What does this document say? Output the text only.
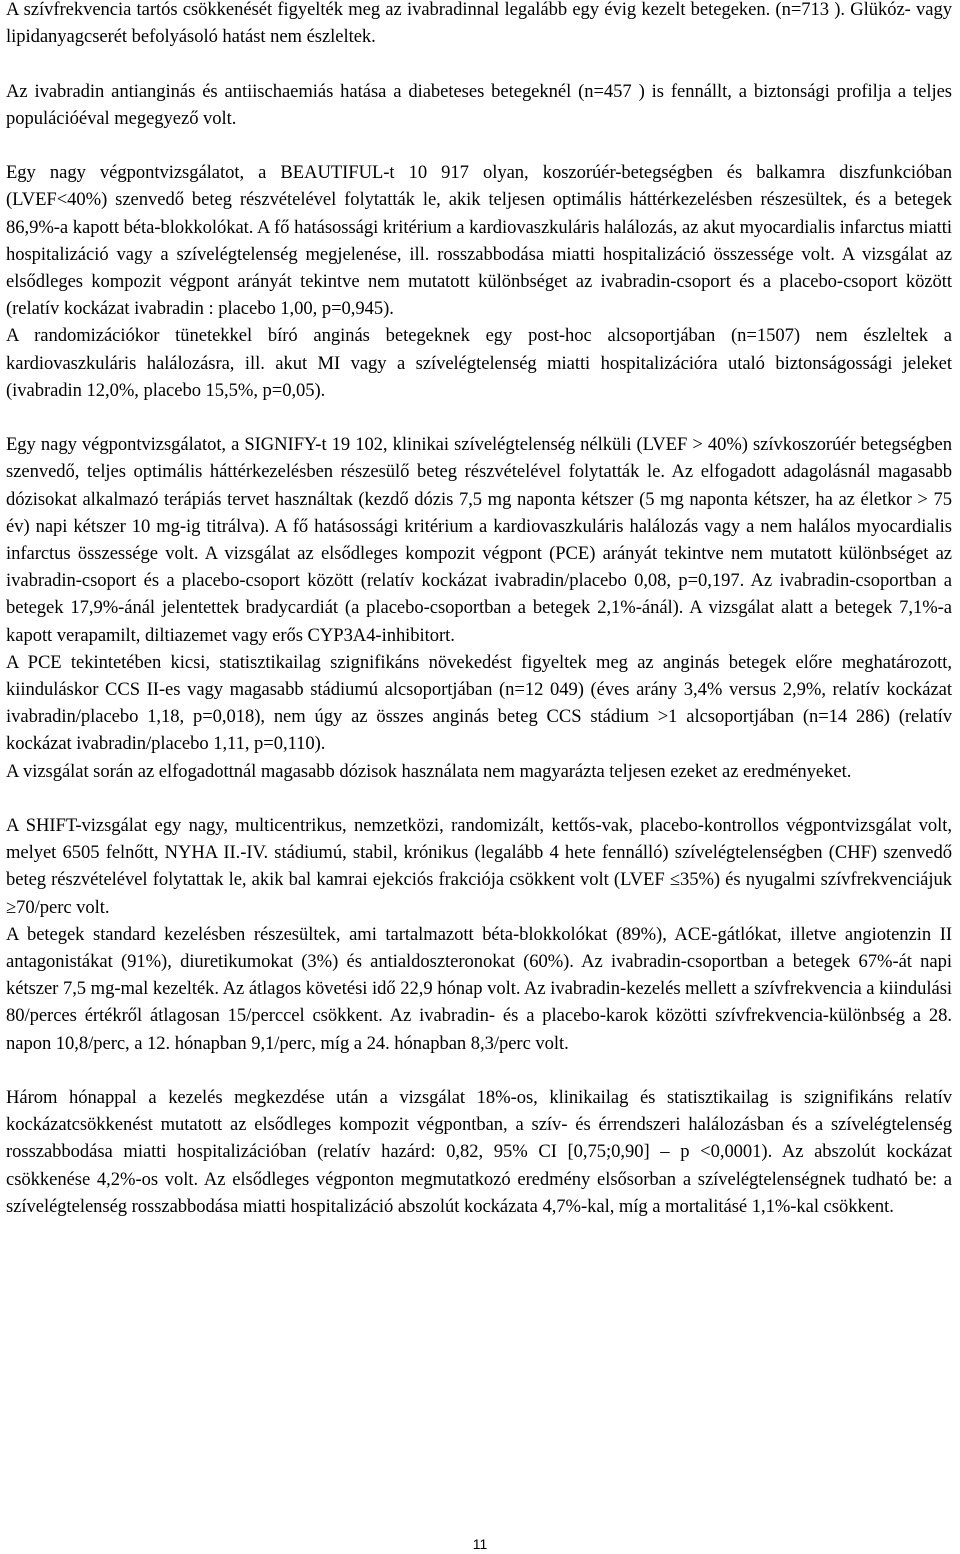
A szívfrekvencia tartós csökkenését figyelték meg az ivabradinnal legalább egy évig kezelt betegeken. (n=713 ). Glükóz- vagy lipidanyagcserét befolyásoló hatást nem észleltek.

Az ivabradin antianginás és antiischaemiás hatása a diabeteses betegeknél (n=457 ) is fennállt, a biztonsági profilja a teljes populációéval megegyező volt.

Egy nagy végpontvizsgálatot, a BEAUTIFUL-t 10 917 olyan, koszorúér-betegségben és balkamra diszfunkcióban (LVEF<40%) szenvedő beteg részvételével folytatták le, akik teljesen optimális háttérkezelésben részesültek, és a betegek 86,9%-a kapott béta-blokkolókat. A fő hatásossági kritérium a kardiovaszkuláris halálozás, az akut myocardialis infarctus miatti hospitalizáció vagy a szívelégtelenség megjelenése, ill. rosszabbodása miatti hospitalizáció összessége volt. A vizsgálat az elsődleges kompozit végpont arányát tekintve nem mutatott különbséget az ivabradin-csoport és a placebo-csoport között (relatív kockázat ivabradin : placebo 1,00, p=0,945).

A randomizációkor tünetekkel bíró anginás betegeknek egy post-hoc alcsoportjában (n=1507) nem észleltek a kardiovaszkuláris halálozásra, ill. akut MI vagy a szívelégtelenség miatti hospitalizációra utaló biztonságossági jeleket (ivabradin 12,0%, placebo 15,5%, p=0,05).

Egy nagy végpontvizsgálatot, a SIGNIFY-t 19 102, klinikai szívelégtelenség nélküli (LVEF > 40%) szívkoszorúér betegségben szenvedő, teljes optimális háttérkezelésben részesülő beteg részvételével folytatták le. Az elfogadott adagolásnál magasabb dózisokat alkalmazó terápiás tervet használtak (kezdő dózis 7,5 mg naponta kétszer (5 mg naponta kétszer, ha az életkor > 75 év) napi kétszer 10 mg-ig titrálva). A fő hatásossági kritérium a kardiovaszkuláris halálozás vagy a nem halálos myocardialis infarctus összessége volt. A vizsgálat az elsődleges kompozit végpont (PCE) arányát tekintve nem mutatott különbséget az ivabradin-csoport és a placebo-csoport között (relatív kockázat ivabradin/placebo 0,08, p=0,197. Az ivabradin-csoportban a betegek 17,9%-ánál jelentettek bradycardiát (a placebo-csoportban a betegek 2,1%-ánál). A vizsgálat alatt a betegek 7,1%-a kapott verapamilt, diltiazemet vagy erős CYP3A4-inhibitort.

A PCE tekintetében kicsi, statisztikailag szignifikáns növekedést figyeltek meg az anginás betegek előre meghatározott, kiinduláskor CCS II-es vagy magasabb stádiumú alcsoportjában (n=12 049) (éves arány 3,4% versus 2,9%, relatív kockázat ivabradin/placebo 1,18, p=0,018), nem úgy az összes anginás beteg CCS stádium >1 alcsoportjában (n=14 286) (relatív kockázat ivabradin/placebo 1,11, p=0,110).

A vizsgálat során az elfogadottnál magasabb dózisok használata nem magyarázta teljesen ezeket az eredményeket.

A SHIFT-vizsgálat egy nagy, multicentrikus, nemzetközi, randomizált, kettős-vak, placebo-kontrollos végpontvizsgálat volt, melyet 6505 felnőtt, NYHA II.-IV. stádiumú, stabil, krónikus (legalább 4 hete fennálló) szívelégtelenségben (CHF) szenvedő beteg részvételével folytattak le, akik bal kamrai ejekciós frakciója csökkent volt (LVEF ≤35%) és nyugalmi szívfrekvenciájuk ≥70/perc volt.

A betegek standard kezelésben részesültek, ami tartalmazott béta-blokkolókat (89%), ACE-gátlókat, illetve angiotenzin II antagonistákat (91%), diuretikumokat (3%) és antialdoszteronokat (60%). Az ivabradin-csoportban a betegek 67%-át napi kétszer 7,5 mg-mal kezelték. Az átlagos követési idő 22,9 hónap volt. Az ivabradin-kezelés mellett a szívfrekvencia a kiindulási 80/perces értékről átlagosan 15/perccel csökkent. Az ivabradin- és a placebo-karok közötti szívfrekvencia-különbség a 28. napon 10,8/perc, a 12. hónapban 9,1/perc, míg a 24. hónapban 8,3/perc volt.

Három hónappal a kezelés megkezdése után a vizsgálat 18%-os, klinikailag és statisztikailag is szignifikáns relatív kockázatcsökkenést mutatott az elsődleges kompozit végpontban, a szív- és érrendszeri halálozásban és a szívelégtelenség rosszabbodása miatti hospitalizációban (relatív hazárd: 0,82, 95% CI [0,75;0,90] – p <0,0001). Az abszolút kockázat csökkenése 4,2%-os volt. Az elsődleges végponton megmutatkozó eredmény elsősorban a szívelégtelenségnek tudható be: a szívelégtelenség rosszabbodása miatti hospitalizáció abszolút kockázata 4,7%-kal, míg a mortalitásé 1,1%-kal csökkent.

11
